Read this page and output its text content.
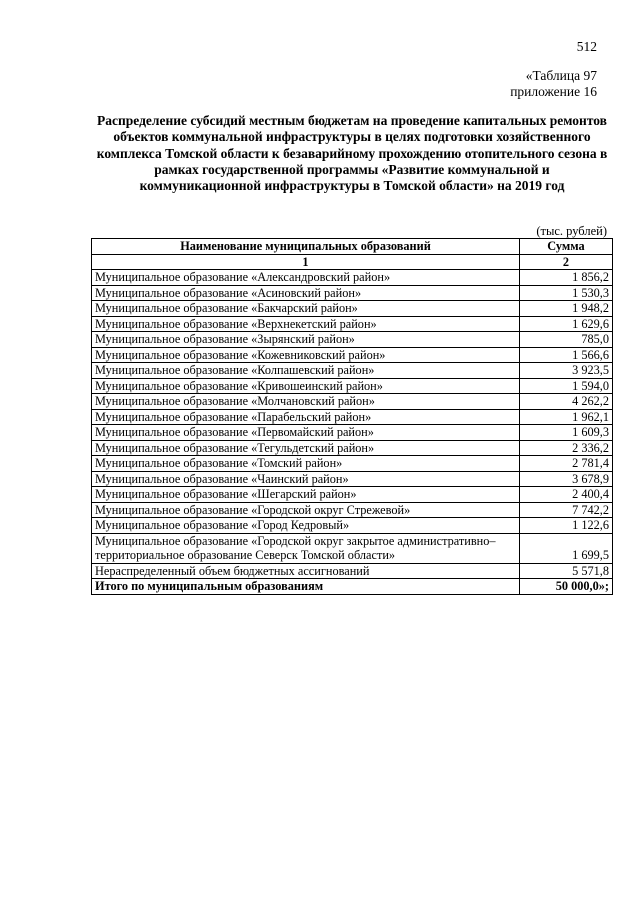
512
«Таблица 97
приложение 16
Распределение субсидий местным бюджетам на проведение капитальных ремонтов объектов коммунальной инфраструктуры в целях подготовки хозяйственного комплекса Томской области к безаварийному прохождению отопительного сезона в рамках государственной программы «Развитие коммунальной и коммуникационной инфраструктуры в Томской области» на 2019 год
(тыс. рублей)
Наименование муниципальных образований	Сумма
1	2
Муниципальное образование «Александровский район»	1 856,2
Муниципальное образование «Асиновский район»	1 530,3
Муниципальное образование «Бакчарский район»	1 948,2
Муниципальное образование «Верхнекетский район»	1 629,6
Муниципальное образование «Зырянский район»	785,0
Муниципальное образование «Кожевниковский район»	1 566,6
Муниципальное образование «Колпашевский район»	3 923,5
Муниципальное образование «Кривошеинский район»	1 594,0
Муниципальное образование «Молчановский район»	4 262,2
Муниципальное образование «Парабельский район»	1 962,1
Муниципальное образование «Первомайский район»	1 609,3
Муниципальное образование «Тегульдетский район»	2 336,2
Муниципальное образование «Томский район»	2 781,4
Муниципальное образование «Чаинский район»	3 678,9
Муниципальное образование «Шегарский район»	2 400,4
Муниципальное образование «Городской округ Стрежевой»	7 742,2
Муниципальное образование «Город Кедровый»	1 122,6
Муниципальное образование «Городской округ закрытое административно–территориальное образование Северск Томской области»	1 699,5
Нераспределенный объем бюджетных ассигнований	5 571,8
Итого по муниципальным образованиям	50 000,0»;
